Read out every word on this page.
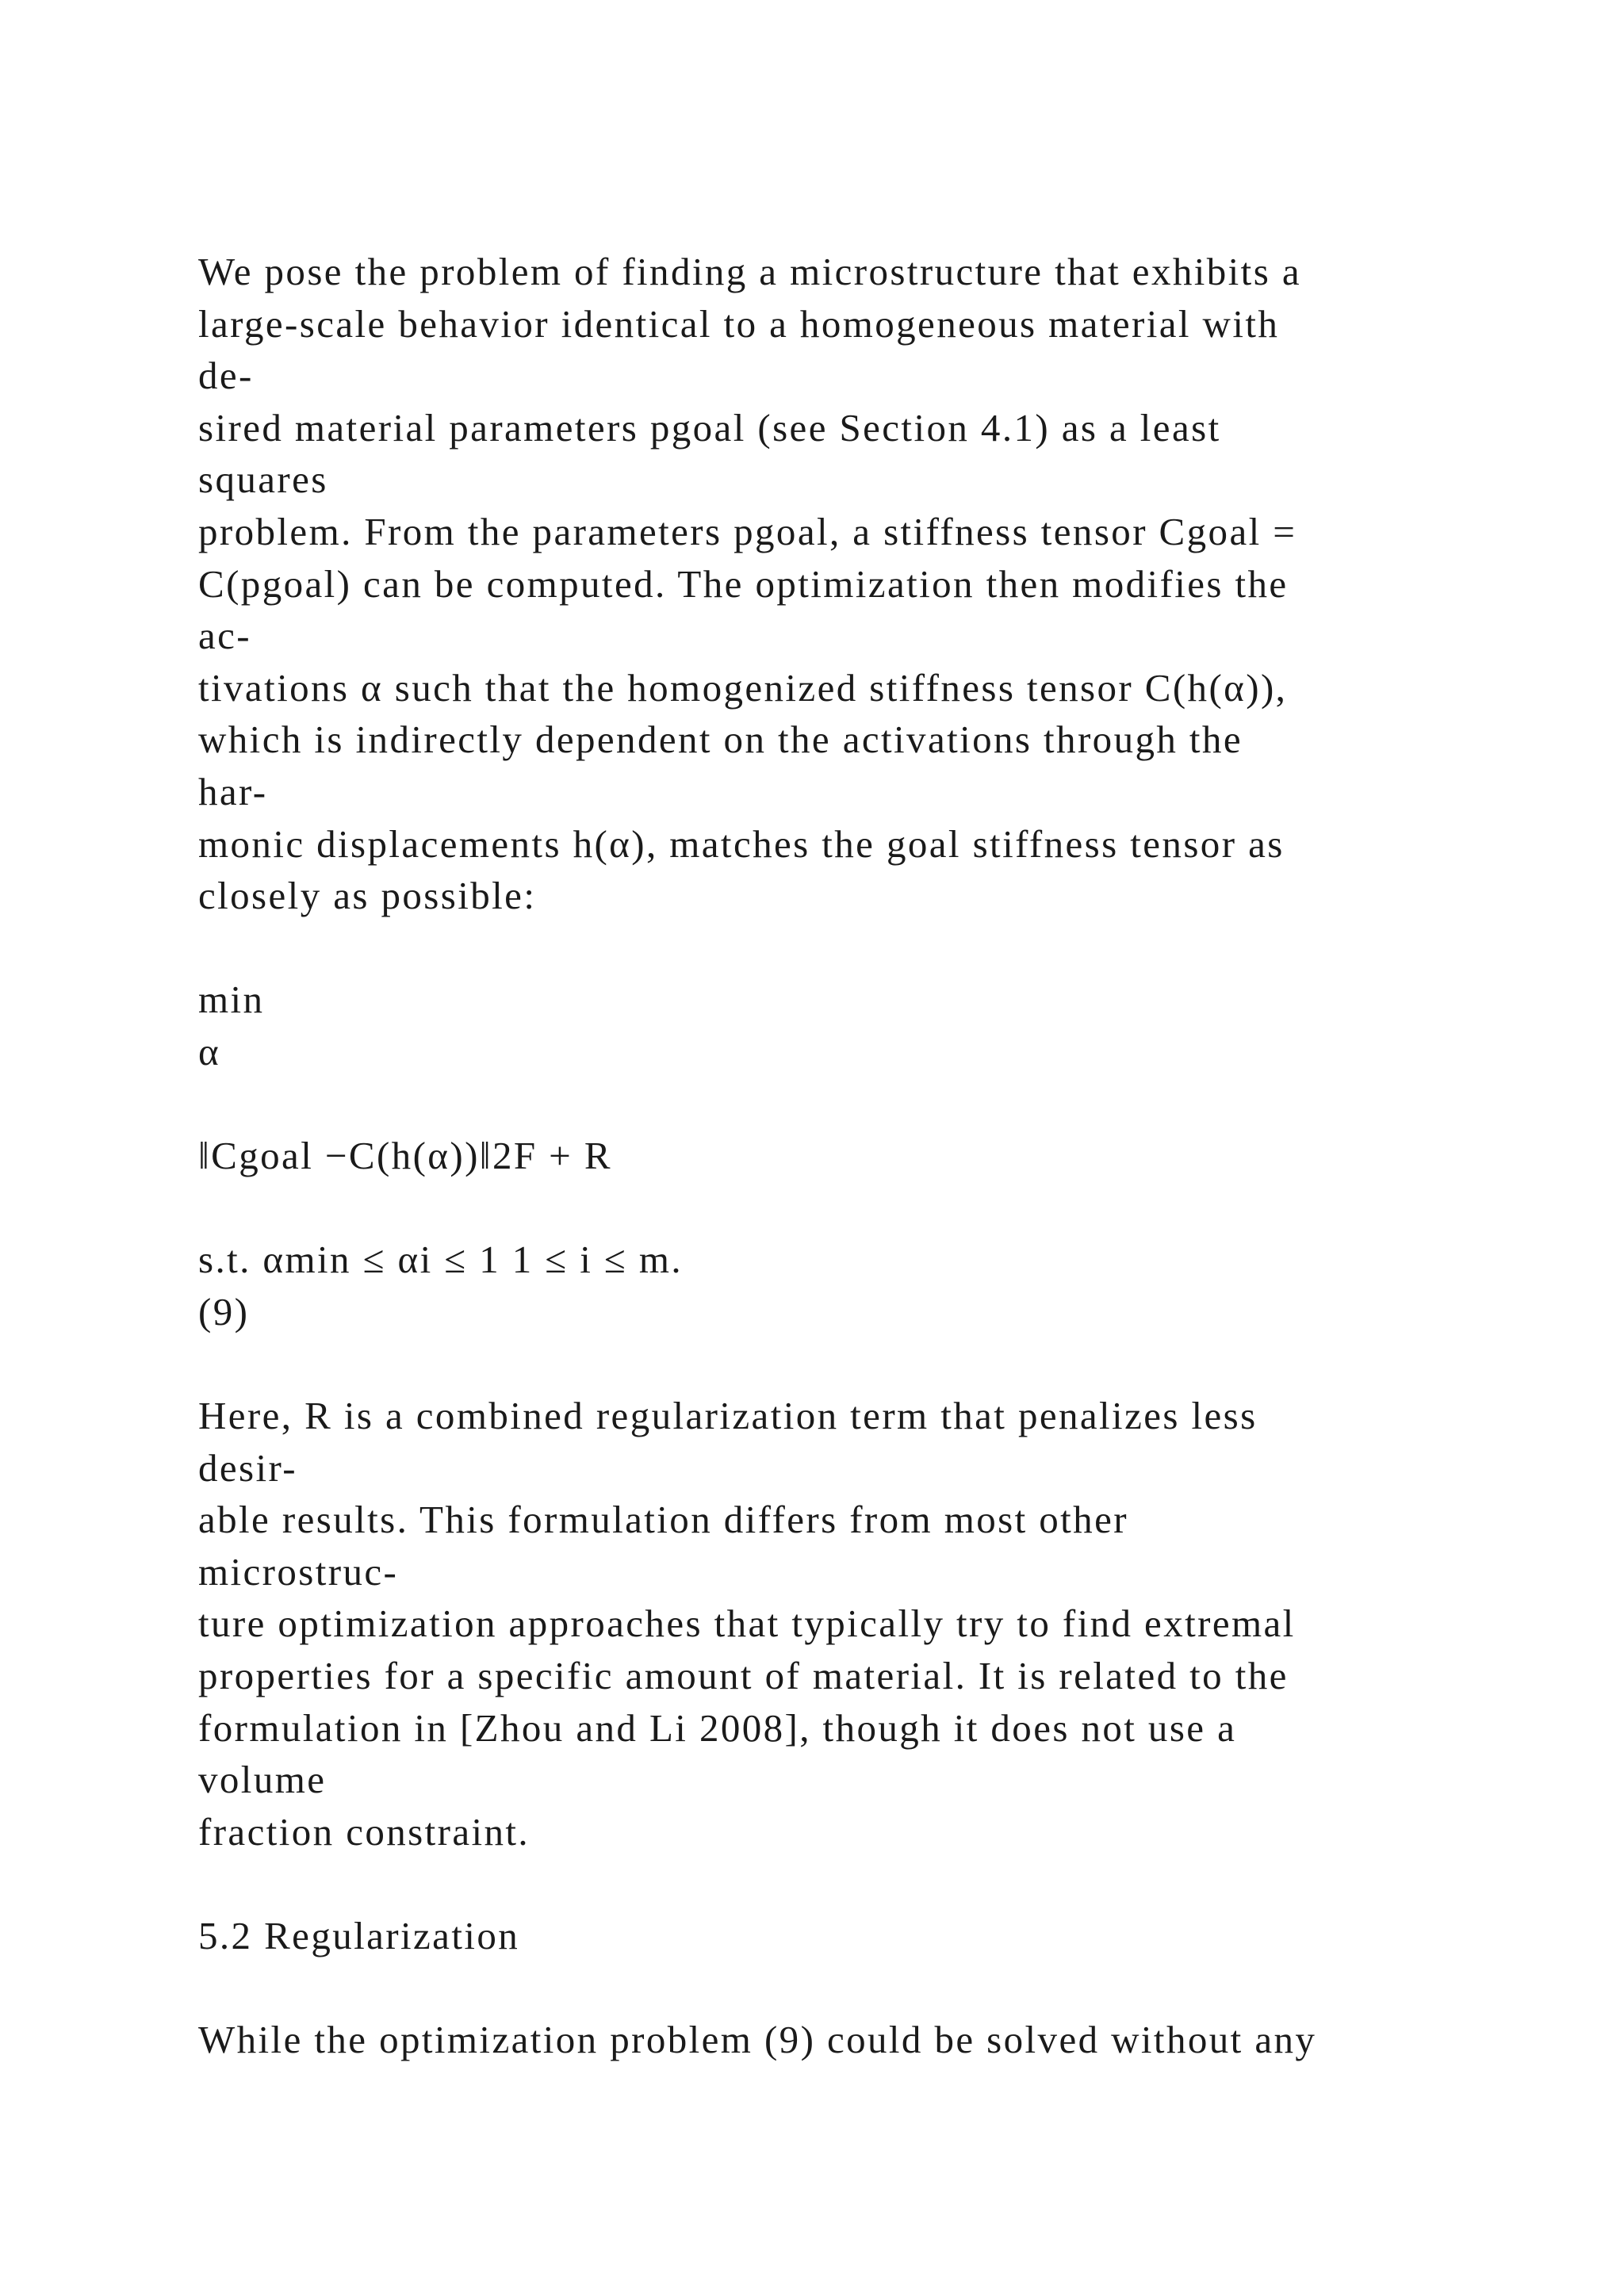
We pose the problem of finding a microstructure that exhibits a
large-scale behavior identical to a homogeneous material with
de-
sired material parameters pgoal (see Section 4.1) as a least
squares
problem. From the parameters pgoal, a stiffness tensor Cgoal =
C(pgoal) can be computed. The optimization then modifies the
ac-
tivations α such that the homogenized stiffness tensor C(h(α)),
which is indirectly dependent on the activations through the
har-
monic displacements h(α), matches the goal stiffness tensor as
closely as possible:
min
α
‖Cgoal −C(h(α))‖2F + R
s.t. αmin ≤ αi ≤ 1 1 ≤ i ≤ m.
(9)
Here, R is a combined regularization term that penalizes less
desir-
able results. This formulation differs from most other
microstruc-
ture optimization approaches that typically try to find extremal
properties for a specific amount of material. It is related to the
formulation in [Zhou and Li 2008], though it does not use a
volume
fraction constraint.
5.2 Regularization
While the optimization problem (9) could be solved without any
